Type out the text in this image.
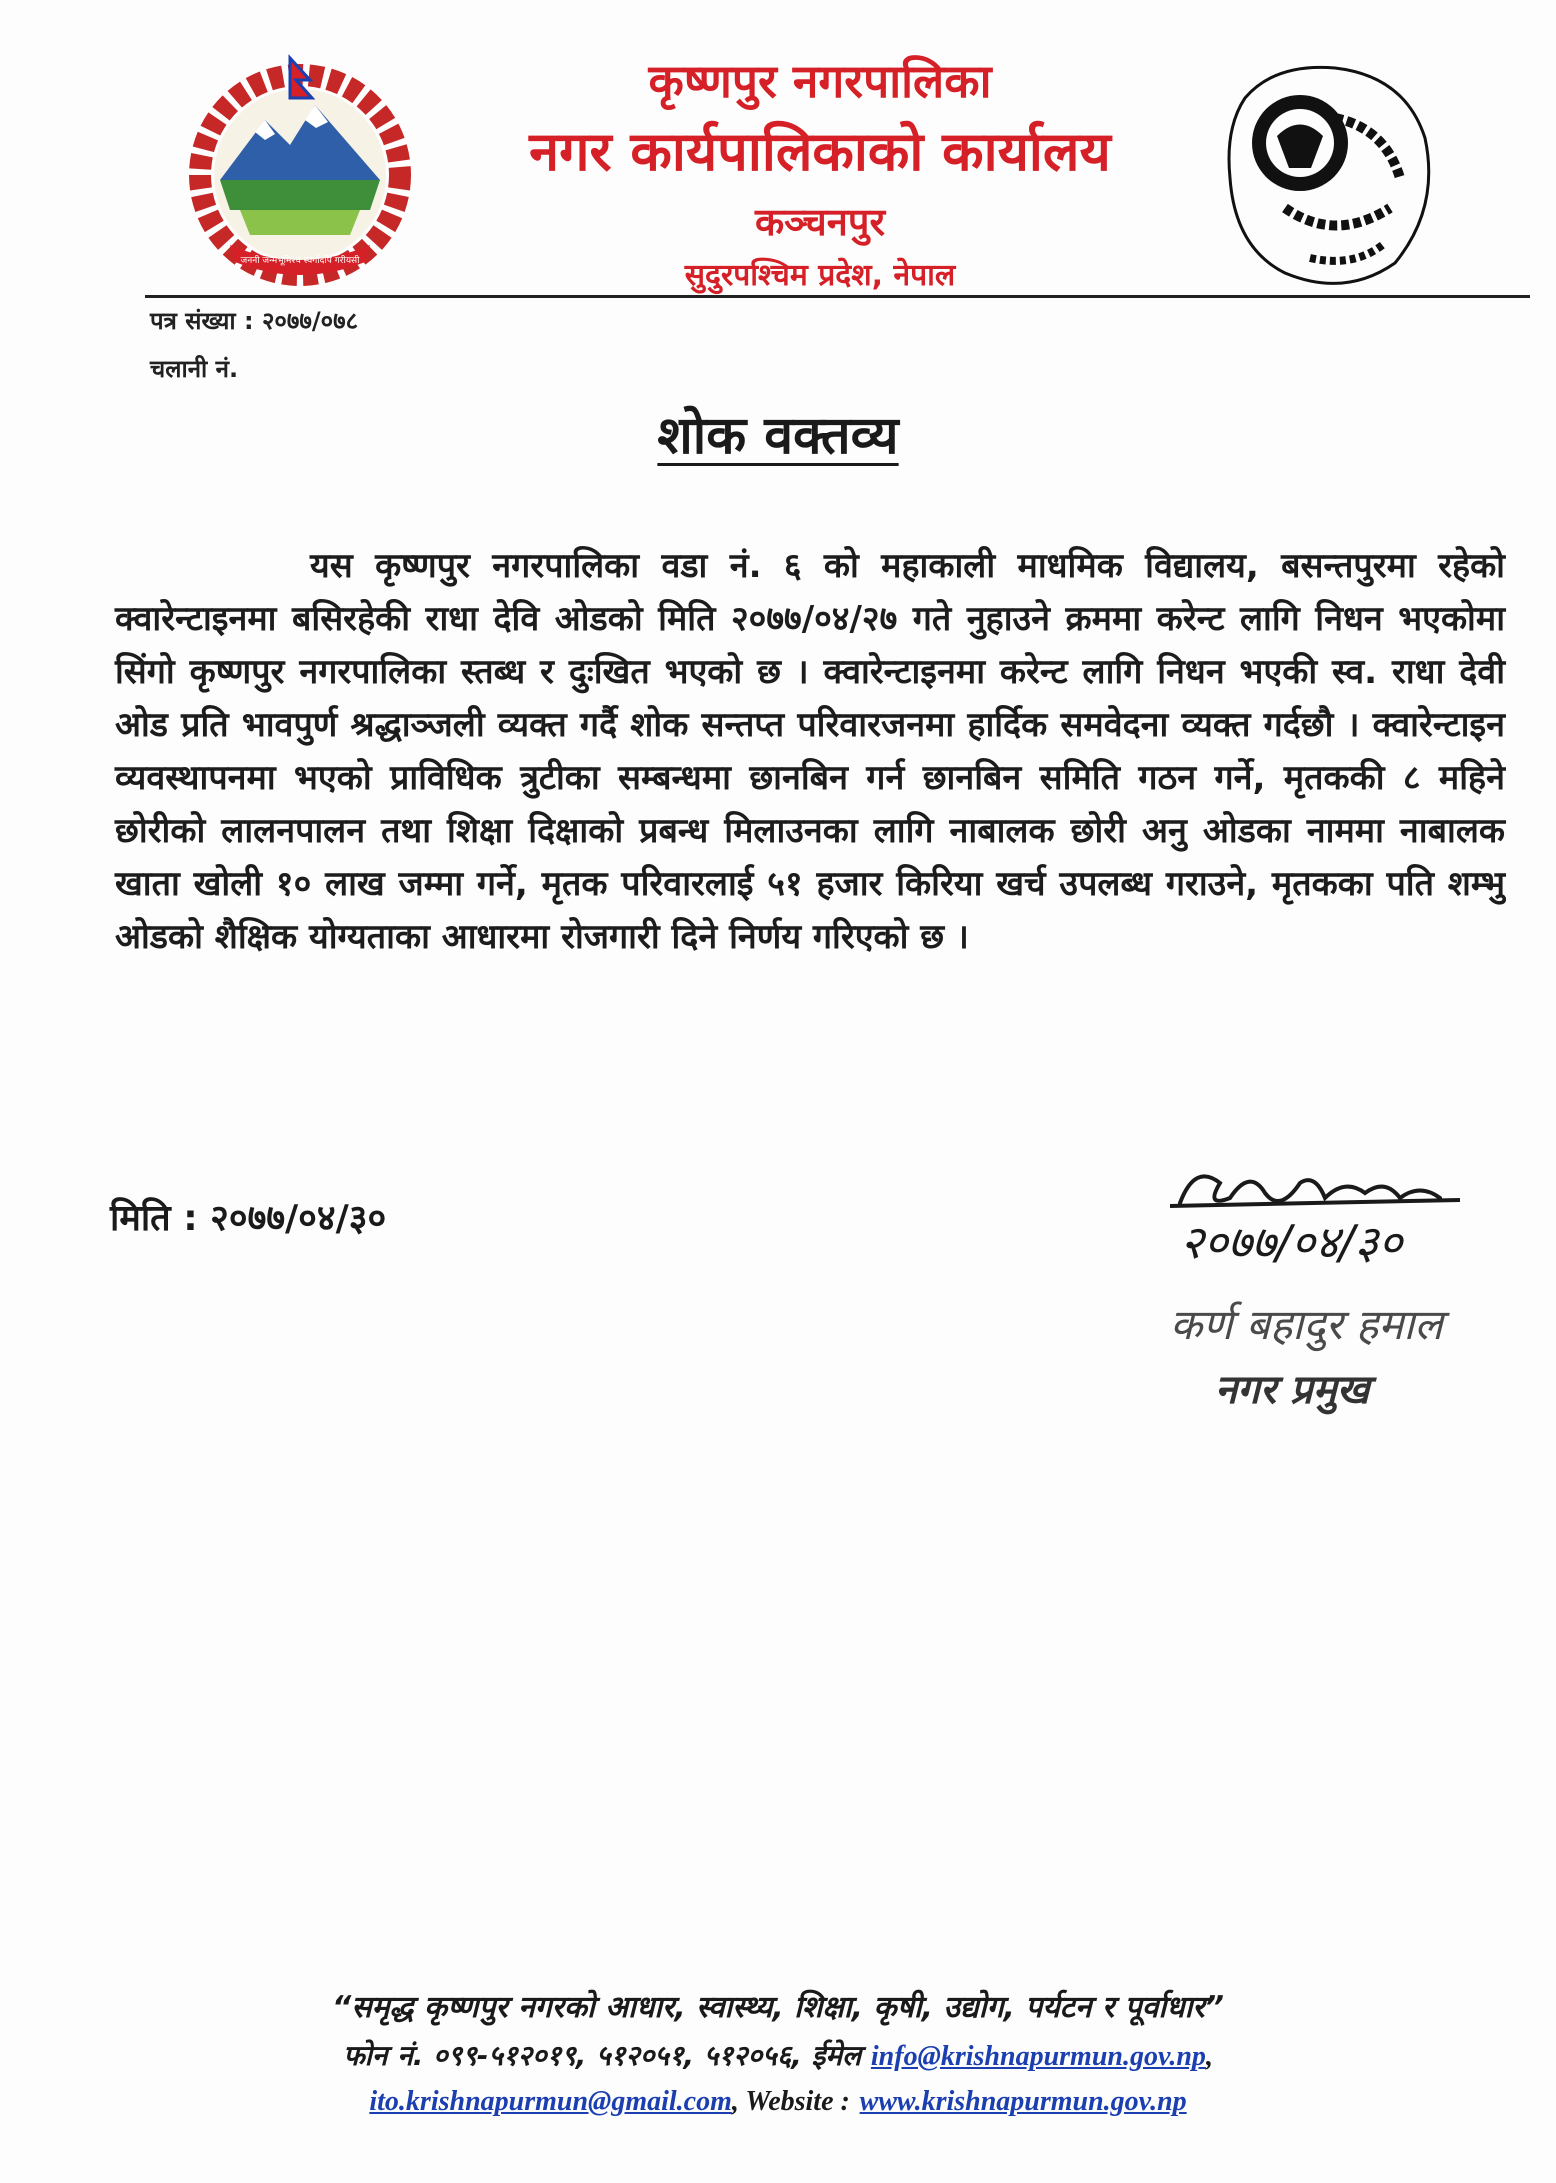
जननी जन्मभूमिश्च स्वर्गादपि गरीयसी
कृष्णपुर नगरपालिका
नगर कार्यपालिकाको कार्यालय
कञ्चनपुर
सुदुरपश्चिम प्रदेश, नेपाल
पत्र संख्या : २०७७/०७८
चलानी नं.
शोक वक्तव्य
यस कृष्णपुर नगरपालिका वडा नं. ६ को महाकाली माधमिक विद्यालय, बसन्तपुरमा रहेको क्वारेन्टाइनमा बसिरहेकी राधा देवि ओडको मिति २०७७/०४/२७ गते नुहाउने क्रममा करेन्ट लागि निधन भएकोमा सिंगो कृष्णपुर नगरपालिका स्तब्ध र दुःखित भएको छ । क्वारेन्टाइनमा करेन्ट लागि निधन भएकी स्व. राधा देवी ओड प्रति भावपुर्ण श्रद्धाञ्जली व्यक्त गर्दै शोक सन्तप्त परिवारजनमा हार्दिक समवेदना व्यक्त गर्दछौ । क्वारेन्टाइन व्यवस्थापनमा भएको प्राविधिक त्रुटीका सम्बन्धमा छानबिन गर्न छानबिन समिति गठन गर्ने, मृतककी ८ महिने छोरीको लालनपालन तथा शिक्षा दिक्षाको प्रबन्ध मिलाउनका लागि नाबालक छोरी अनु ओडका नाममा नाबालक खाता खोली १० लाख जम्मा गर्ने, मृतक परिवारलाई ५१ हजार किरिया खर्च उपलब्ध गराउने, मृतकका पति शम्भु ओडको शैक्षिक योग्यताका आधारमा रोजगारी दिने निर्णय गरिएको छ ।
मिति : २०७७/०४/३०	२०७७/०४/३०
कर्ण बहादुर हमाल
नगर प्रमुख
“समृद्ध कृष्णपुर नगरको आधार, स्वास्थ्य, शिक्षा, कृषी, उद्योग, पर्यटन र पूर्वाधार”
फोन नं. ०९९-५१२०१९, ५१२०५१, ५१२०५६, ईमेल info@krishnapurmun.gov.np,
ito.krishnapurmun@gmail.com, Website : www.krishnapurmun.gov.np
